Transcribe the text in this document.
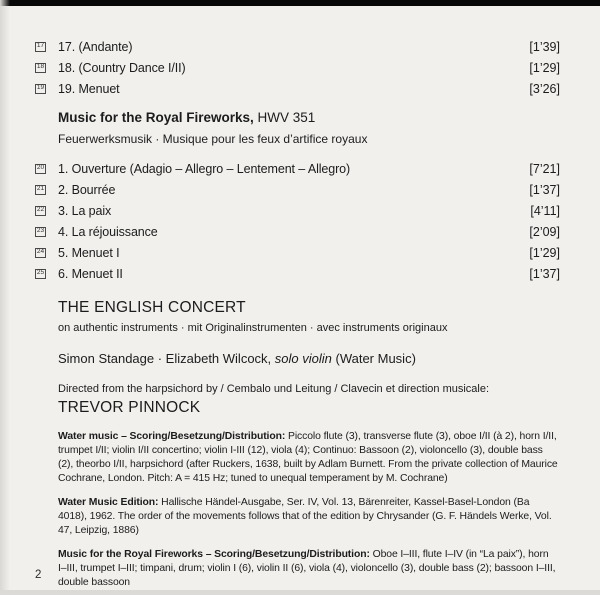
17 17. (Andante)	[1’39]
18 18. (Country Dance I/II)	[1’29]
19 19. Menuet	[3’26]
Music for the Royal Fireworks, HWV 351
Feuerwerksmusik · Musique pour les feux d’artifice royaux
20 1. Ouverture (Adagio – Allegro – Lentement – Allegro)	[7’21]
21 2. Bourrée	[1’37]
22 3. La paix	[4’11]
23 4. La réjouissance	[2’09]
24 5. Menuet I	[1’29]
25 6. Menuet II	[1’37]
THE ENGLISH CONCERT
on authentic instruments · mit Originalinstrumenten · avec instruments originaux
Simon Standage · Elizabeth Wilcock, solo violin (Water Music)
Directed from the harpsichord by / Cembalo und Leitung / Clavecin et direction musicale:
TREVOR PINNOCK
Water music – Scoring/Besetzung/Distribution: Piccolo flute (3), transverse flute (3), oboe I/II (à 2), horn I/II, trumpet I/II; violin I/II concertino; violin I-III (12), viola (4); Continuo: Bassoon (2), violoncello (3), double bass (2), theorbo I/II, harpsichord (after Ruckers, 1638, built by Adlam Burnett. From the private collection of Maurice Cochrane, London. Pitch: A = 415 Hz; tuned to unequal temperament by M. Cochrane)
Water Music Edition: Hallische Händel-Ausgabe, Ser. IV, Vol. 13, Bärenreiter, Kassel-Basel-London (Ba 4018), 1962. The order of the movements follows that of the edition by Chrysander (G. F. Händels Werke, Vol. 47, Leipzig, 1886)
Music for the Royal Fireworks – Scoring/Besetzung/Distribution: Oboe I–III, flute I–IV (in “La paix”), horn I–III, trumpet I–III; timpani, drum; violin I (6), violin II (6), viola (4), violoncello (3), double bass (2); bassoon I–III, double bassoon
2
